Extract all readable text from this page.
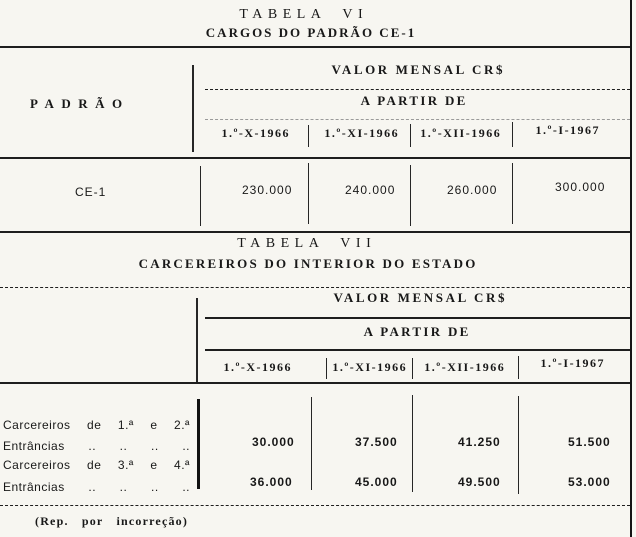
TABELA VI
CARGOS DO PADRÃO CE-1
PADRÃO
VALOR MENSAL CR$
A PARTIR DE
1.º-X-1966	1.º-XI-1966	1.º-XII-1966	1.º-I-1967
CE-1	230.000	240.000	260.000	300.000
TABELA VII
CARCEREIROS DO INTERIOR DO ESTADO
VALOR MENSAL CR$
A PARTIR DE
1.º-X-1966	1.º-XI-1966	1.º-XII-1966	1.º-I-1967
Carcereiros de 1.ª e 2.ª
Entrâncias .. .. .. ..	30.000	37.500	41.250	51.500
Carcereiros de 3.ª e 4.ª
Entrâncias .. .. .. ..	36.000	45.000	49.500	53.000
(Rep. por incorreção)
